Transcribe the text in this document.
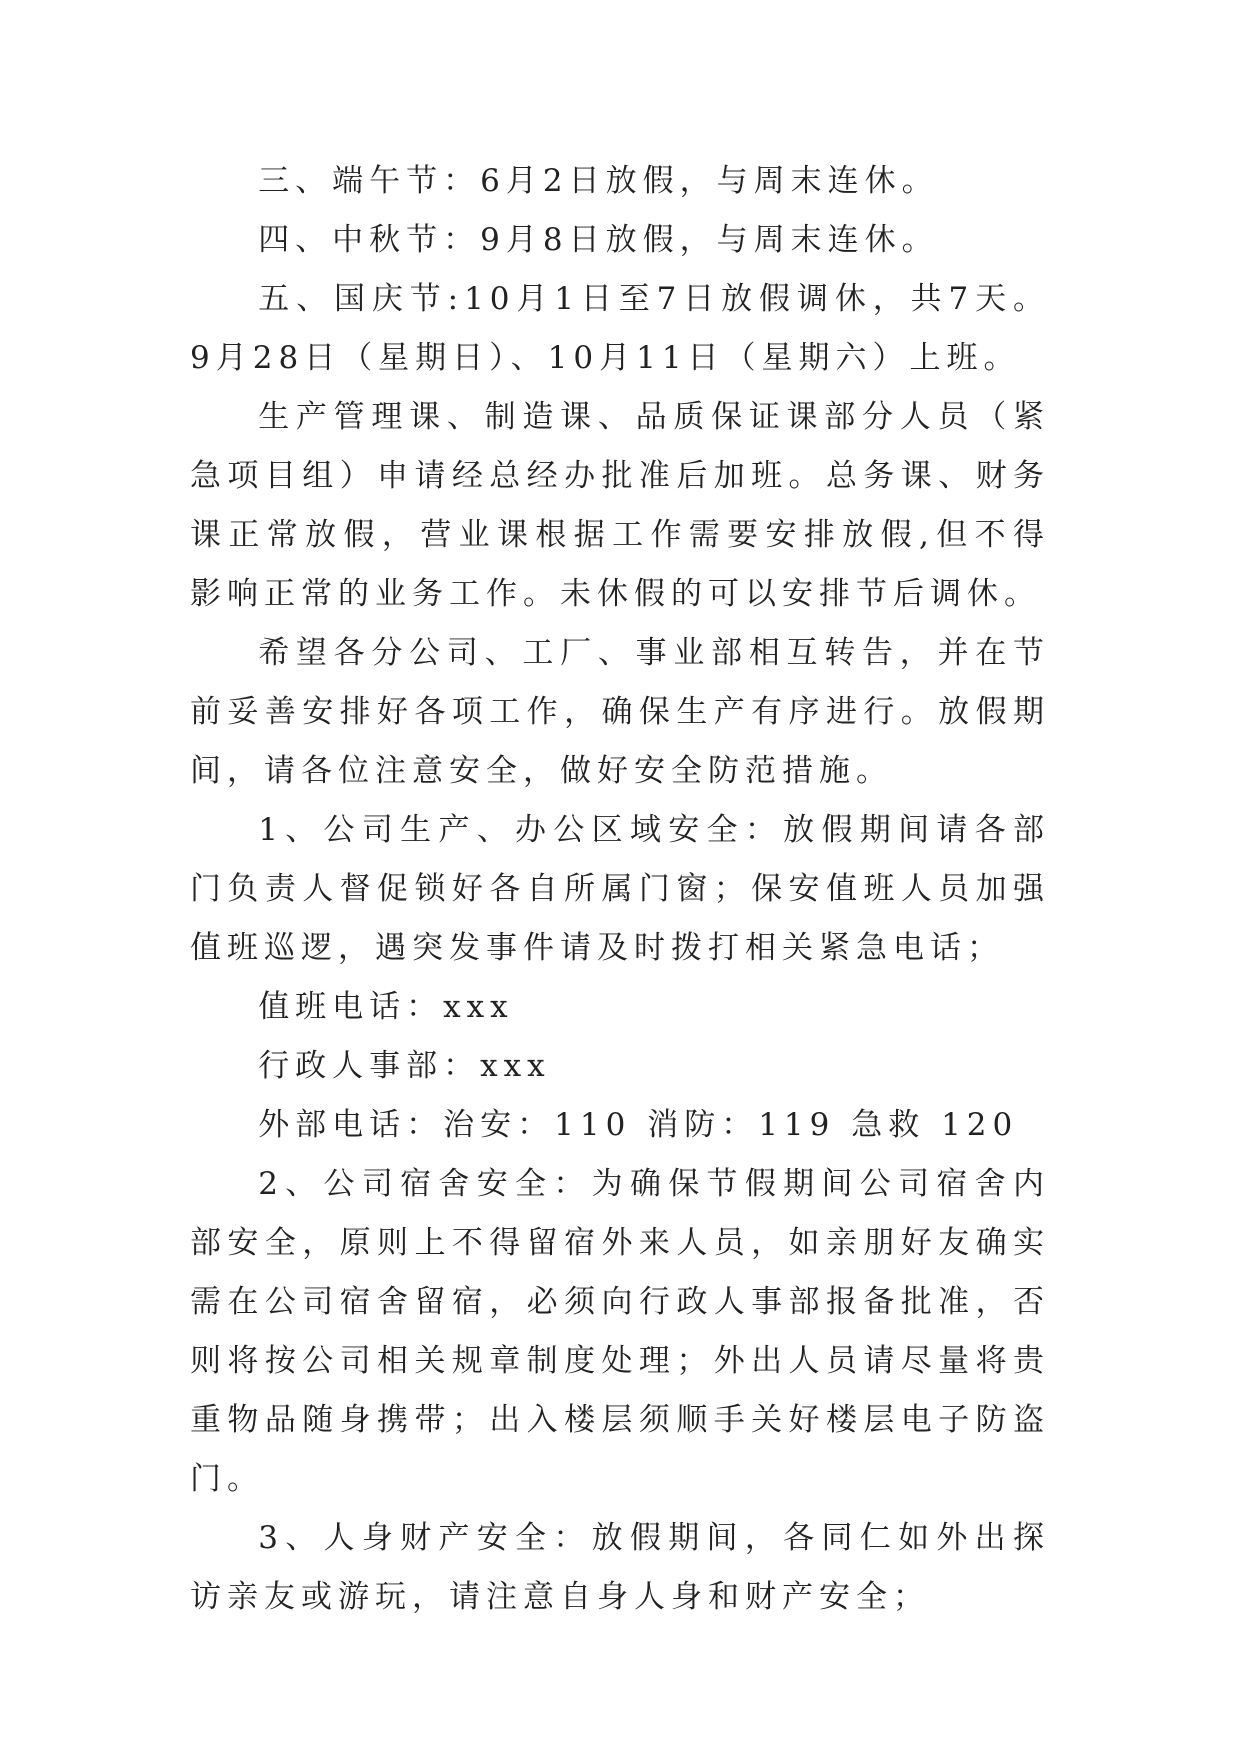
三、端午节：6月2日放假，与周末连休。

四、中秋节：9月8日放假，与周末连休。

五、国庆节:10月1日至7日放假调休，共7天。9月28日（星期日）、10月11日（星期六）上班。

生产管理课、制造课、品质保证课部分人员（紧急项目组）申请经总经办批准后加班。总务课、财务课正常放假，营业课根据工作需要安排放假,但不得影响正常的业务工作。未休假的可以安排节后调休。

希望各分公司、工厂、事业部相互转告，并在节前妥善安排好各项工作，确保生产有序进行。放假期间，请各位注意安全，做好安全防范措施。

1、公司生产、办公区域安全：放假期间请各部门负责人督促锁好各自所属门窗；保安值班人员加强值班巡逻，遇突发事件请及时拨打相关紧急电话；

值班电话：xxx

行政人事部：xxx

外部电话：治安：110 消防：119 急救 120

2、公司宿舍安全：为确保节假期间公司宿舍内部安全，原则上不得留宿外来人员，如亲朋好友确实需在公司宿舍留宿，必须向行政人事部报备批准，否则将按公司相关规章制度处理；外出人员请尽量将贵重物品随身携带；出入楼层须顺手关好楼层电子防盗门。

3、人身财产安全：放假期间，各同仁如外出探访亲友或游玩，请注意自身人身和财产安全；
